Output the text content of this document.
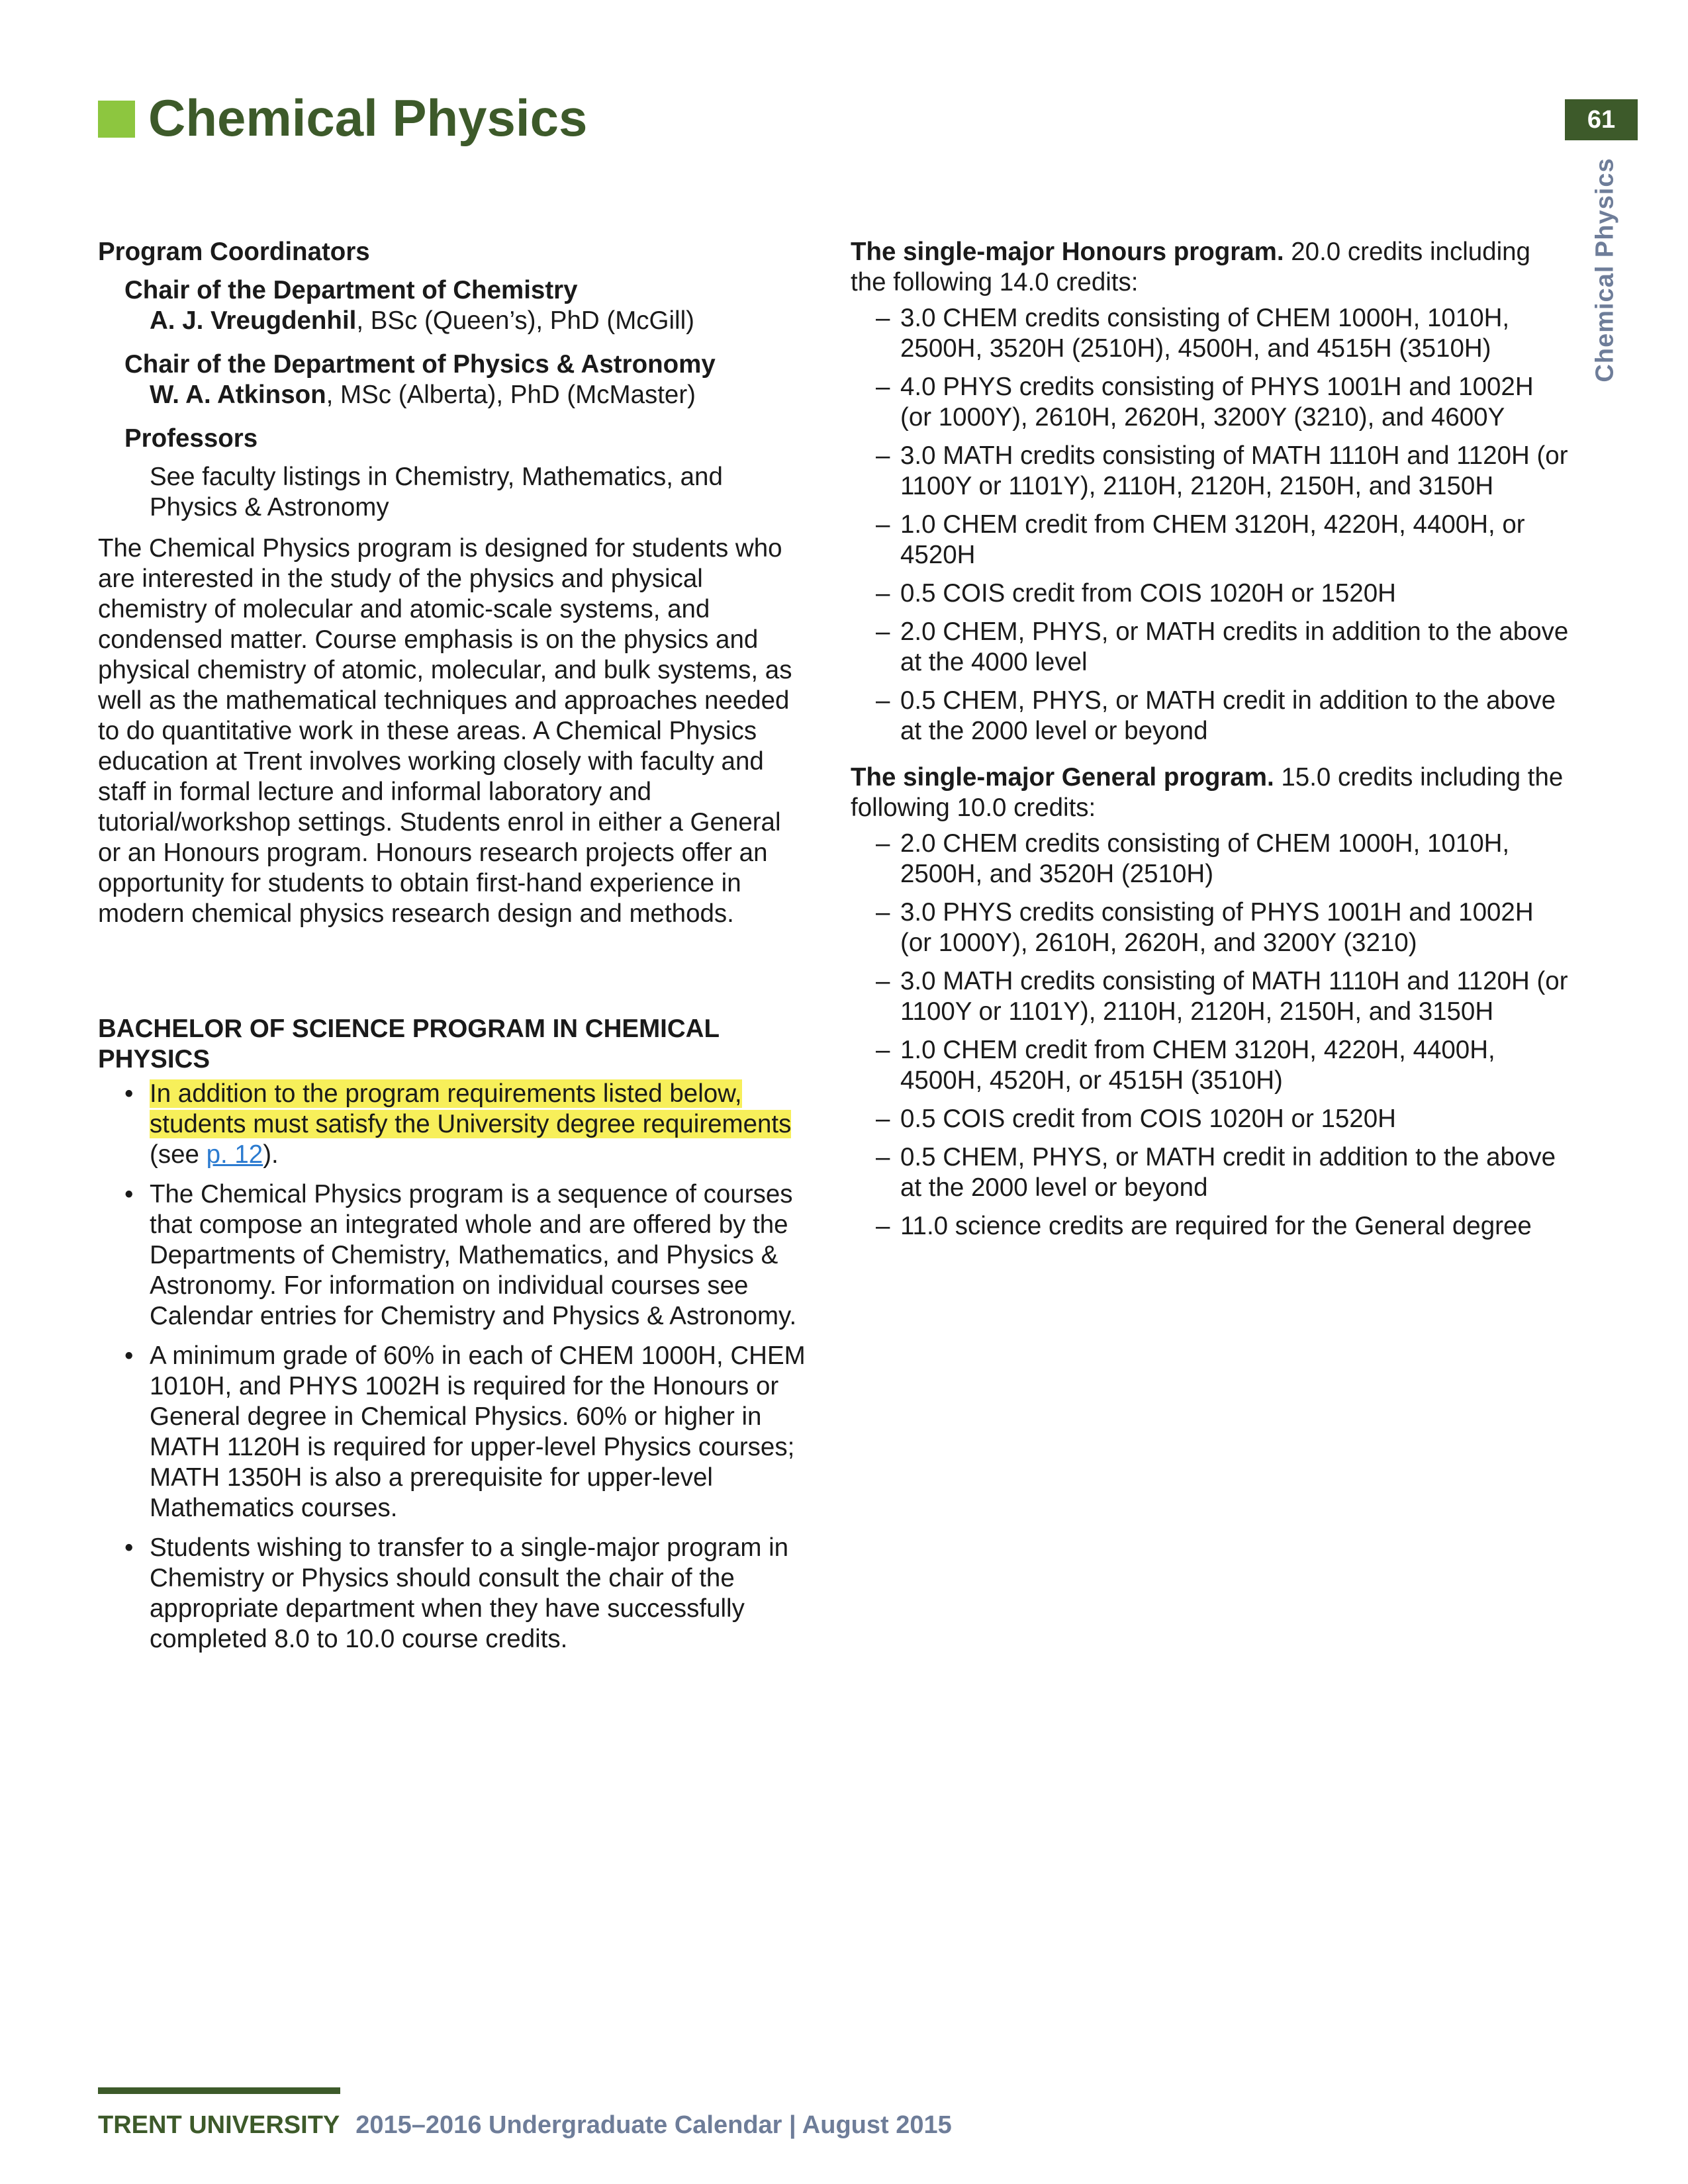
Chemical Physics	61
Chemical Physics

Program Coordinators

Chair of the Department of Chemistry

A. J. Vreugdenhil, BSc (Queen’s), PhD (McGill)

Chair of the Department of Physics & Astronomy

W. A. Atkinson, MSc (Alberta), PhD (McMaster)

Professors

See faculty listings in Chemistry, Mathematics, and Physics & Astronomy

The Chemical Physics program is designed for students who are interested in the study of the physics and physical chemistry of molecular and atomic-scale systems, and condensed matter. Course emphasis is on the physics and physical chemistry of atomic, molecular, and bulk systems, as well as the mathematical techniques and approaches needed to do quantitative work in these areas. A Chemical Physics education at Trent involves working closely with faculty and staff in formal lecture and informal laboratory and tutorial/workshop settings. Students enrol in either a General or an Honours program. Honours research projects offer an opportunity for students to obtain first-hand experience in modern chemical physics research design and methods.

BACHELOR OF SCIENCE PROGRAM IN CHEMICAL PHYSICS

• In addition to the program requirements listed below, students must satisfy the University degree requirements (see p. 12).
• The Chemical Physics program is a sequence of courses that compose an integrated whole and are offered by the Departments of Chemistry, Mathematics, and Physics & Astronomy. For information on individual courses see Calendar entries for Chemistry and Physics & Astronomy.
• A minimum grade of 60% in each of CHEM 1000H, CHEM 1010H, and PHYS 1002H is required for the Honours or General degree in Chemical Physics. 60% or higher in MATH 1120H is required for upper-level Physics courses; MATH 1350H is also a prerequisite for upper-level Mathematics courses.
• Students wishing to transfer to a single-major program in Chemistry or Physics should consult the chair of the appropriate department when they have successfully completed 8.0 to 10.0 course credits.

The single-major Honours program. 20.0 credits including the following 14.0 credits:

– 3.0 CHEM credits consisting of CHEM 1000H, 1010H, 2500H, 3520H (2510H), 4500H, and 4515H (3510H)
– 4.0 PHYS credits consisting of PHYS 1001H and 1002H (or 1000Y), 2610H, 2620H, 3200Y (3210), and 4600Y
– 3.0 MATH credits consisting of MATH 1110H and 1120H (or 1100Y or 1101Y), 2110H, 2120H, 2150H, and 3150H
– 1.0 CHEM credit from CHEM 3120H, 4220H, 4400H, or 4520H
– 0.5 COIS credit from COIS 1020H or 1520H
– 2.0 CHEM, PHYS, or MATH credits in addition to the above at the 4000 level
– 0.5 CHEM, PHYS, or MATH credit in addition to the above at the 2000 level or beyond

The single-major General program. 15.0 credits including the following 10.0 credits:

– 2.0 CHEM credits consisting of CHEM 1000H, 1010H, 2500H, and 3520H (2510H)
– 3.0 PHYS credits consisting of PHYS 1001H and 1002H (or 1000Y), 2610H, 2620H, and 3200Y (3210)
– 3.0 MATH credits consisting of MATH 1110H and 1120H (or 1100Y or 1101Y), 2110H, 2120H, 2150H, and 3150H
– 1.0 CHEM credit from CHEM 3120H, 4220H, 4400H, 4500H, 4520H, or 4515H (3510H)
– 0.5 COIS credit from COIS 1020H or 1520H
– 0.5 CHEM, PHYS, or MATH credit in addition to the above at the 2000 level or beyond
– 11.0 science credits are required for the General degree
TRENT UNIVERSITY 2015–2016 Undergraduate Calendar | August 2015
